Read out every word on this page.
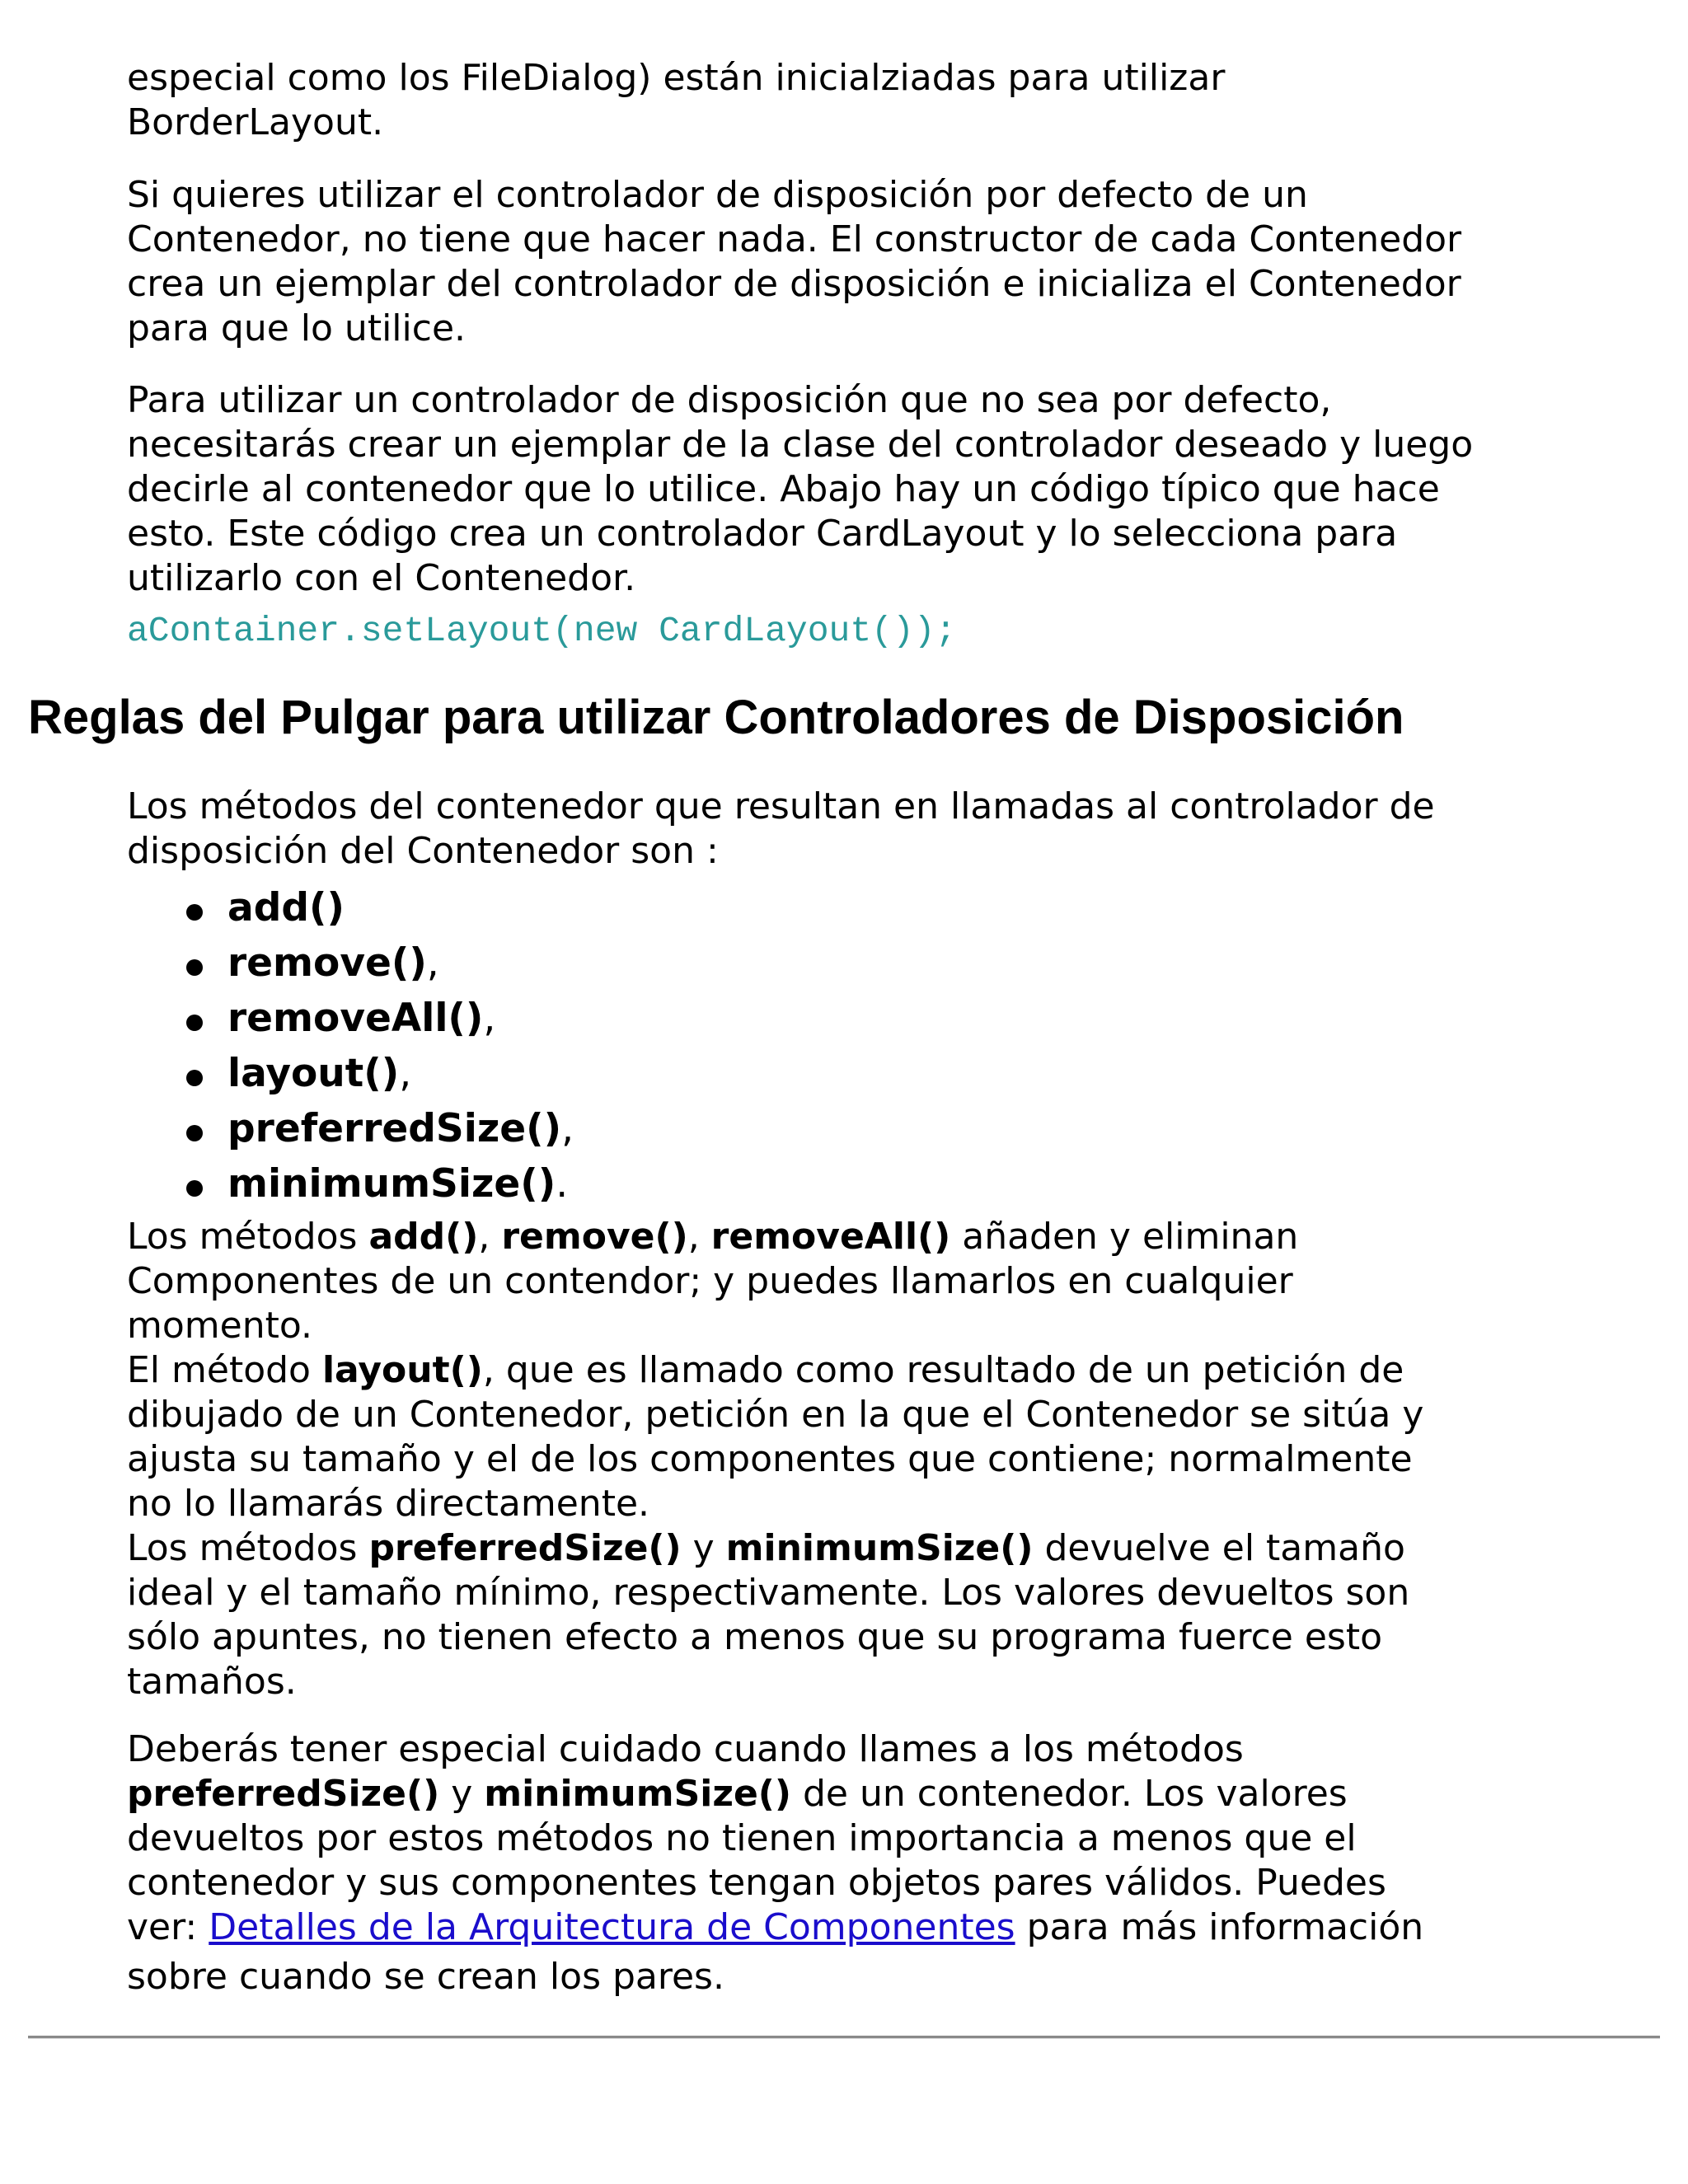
especial como los FileDialog) están inicialziadas para utilizar
BorderLayout.
Si quieres utilizar el controlador de disposición por defecto de un
Contenedor, no tiene que hacer nada. El constructor de cada Contenedor
crea un ejemplar del controlador de disposición e inicializa el Contenedor
para que lo utilice.
Para utilizar un controlador de disposición que no sea por defecto,
necesitarás crear un ejemplar de la clase del controlador deseado y luego
decirle al contenedor que lo utilice. Abajo hay un código típico que hace
esto. Este código crea un controlador CardLayout y lo selecciona para
utilizarlo con el Contenedor.
aContainer.setLayout(new CardLayout());
Reglas del Pulgar para utilizar Controladores de Disposición
Los métodos del contenedor que resultan en llamadas al controlador de
disposición del Contenedor son :
add()
remove(),
removeAll(),
layout(),
preferredSize(),
minimumSize().
Los métodos add(), remove(), removeAll() añaden y eliminan
Componentes de un contendor; y puedes llamarlos en cualquier
momento.
El método layout(), que es llamado como resultado de un petición de
dibujado de un Contenedor, petición en la que el Contenedor se sitúa y
ajusta su tamaño y el de los componentes que contiene; normalmente
no lo llamarás directamente.
Los métodos preferredSize() y minimumSize() devuelve el tamaño
ideal y el tamaño mínimo, respectivamente. Los valores devueltos son
sólo apuntes, no tienen efecto a menos que su programa fuerce esto
tamaños.
Deberás tener especial cuidado cuando llames a los métodos
preferredSize() y minimumSize() de un contenedor. Los valores
devueltos por estos métodos no tienen importancia a menos que el
contenedor y sus componentes tengan objetos pares válidos. Puedes
ver: Detalles de la Arquitectura de Componentes para más información
sobre cuando se crean los pares.
